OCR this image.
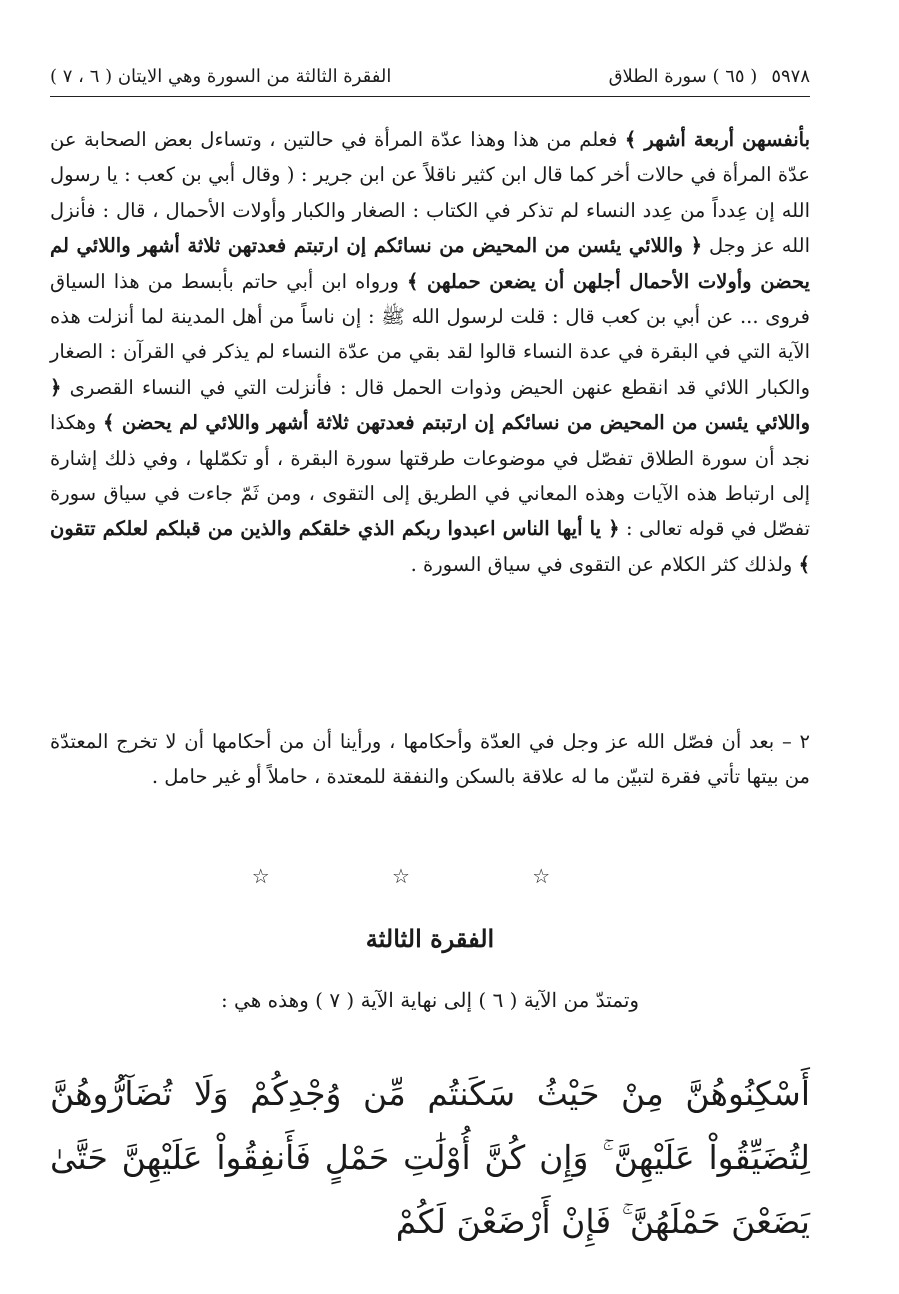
٥٩٧٨
( ٦٥ ) سورة الطلاق
الفقرة الثالثة من السورة وهي الايتان ( ٦ ، ٧ )

بأنفسهن أربعة أشهر ﴾ فعلم من هذا وهذا عدّة المرأة في حالتين ، وتساءل بعض الصحابة عن عدّة المرأة في حالات أخر كما قال ابن كثير ناقلاً عن ابن جرير : ( وقال أبي بن كعب : يا رسول الله إن عِدداً من عِدد النساء لم تذكر في الكتاب : الصغار والكبار وأولات الأحمال ، قال : فأنزل الله عز وجل ﴿ واللائي يئسن من المحيض من نسائكم إن ارتبتم فعدتهن ثلاثة أشهر واللائي لم يحضن وأولات الأحمال أجلهن أن يضعن حملهن ﴾ ورواه ابن أبي حاتم بأبسط من هذا السياق فروى ... عن أبي بن كعب قال : قلت لرسول الله ﷺ : إن ناساً من أهل المدينة لما أنزلت هذه الآية التي في البقرة في عدة النساء قالوا لقد بقي من عدّة النساء لم يذكر في القرآن : الصغار والكبار اللائي قد انقطع عنهن الحيض وذوات الحمل قال : فأنزلت التي في النساء القصرى ﴿ واللائي يئسن من المحيض من نسائكم إن ارتبتم فعدتهن ثلاثة أشهر واللائي لم يحضن ﴾ وهكذا نجد أن سورة الطلاق تفصّل في موضوعات طرقتها سورة البقرة ، أو تكمّلها ، وفي ذلك إشارة إلى ارتباط هذه الآيات وهذه المعاني في الطريق إلى التقوى ، ومن ثَمّ جاءت في سياق سورة تفصّل في قوله تعالى : ﴿ يا أيها الناس اعبدوا ربكم الذي خلقكم والذين من قبلكم لعلكم تتقون ﴾ ولذلك كثر الكلام عن التقوى في سياق السورة .

٢ – بعد أن فصّل الله عز وجل في العدّة وأحكامها ، ورأينا أن من أحكامها أن لا تخرج المعتدّة من بيتها تأتي فقرة لتبيّن ما له علاقة بالسكن والنفقة للمعتدة ، حاملاً أو غير حامل .

☆ ☆ ☆
الفقرة الثالثة
وتمتدّ من الآية ( ٦ ) إلى نهاية الآية ( ٧ ) وهذه هي :

أَسْكِنُوهُنَّ مِنْ حَيْثُ سَكَنتُم مِّن وُجْدِكُمْ وَلَا تُضَآرُّوهُنَّ لِتُضَيِّقُواْ عَلَيْهِنَّ ۚ وَإِن كُنَّ أُوْلَٰتِ حَمْلٍ فَأَنفِقُواْ عَلَيْهِنَّ حَتَّىٰ يَضَعْنَ حَمْلَهُنَّ ۚ فَإِنْ أَرْضَعْنَ لَكُمْ
